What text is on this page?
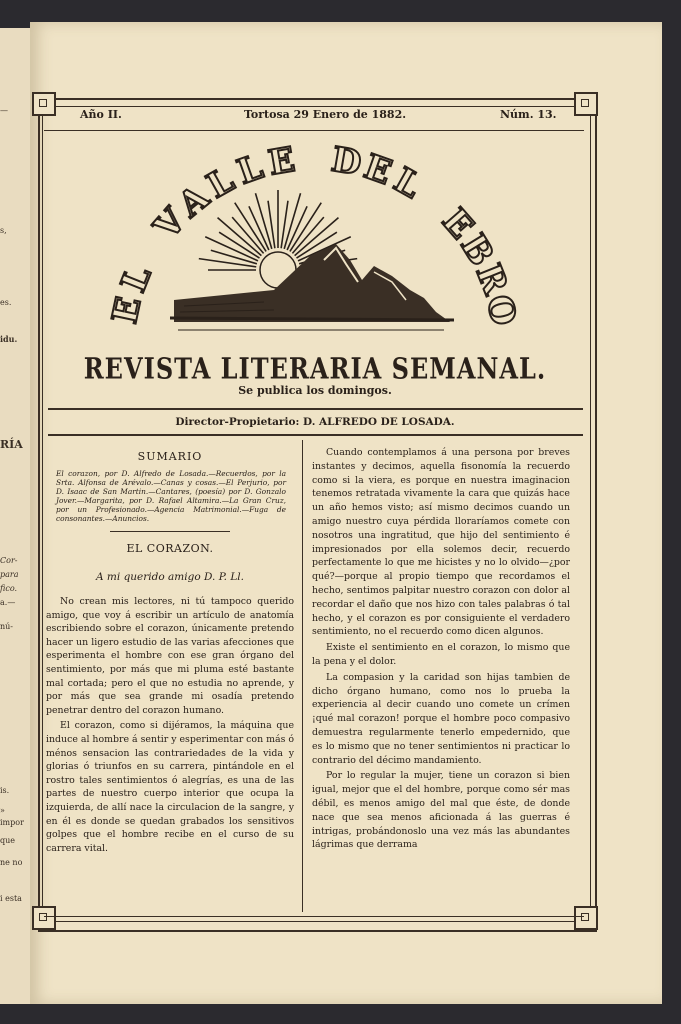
—
s,
es.
idu.
RÍA
Cor-
para
fico.
a.—
nú-
is.
»
impor
que
ne no
i esta
Año II.	Tortosa 29 Enero de 1882.	Núm. 13.
E
L
V
A
L
L
E D
E
L
E
B
R
O
REVISTA LITERARIA SEMANAL.
Se publica los domingos.
Director-Propietario: D. ALFREDO DE LOSADA.
SUMARIO
El corazon, por D. Alfredo de Losada.—Recuerdos, por la Srta. Alfonsa de Arévalo.—Canas y cosas.—El Perjurio, por D. Isaac de San Martin.—Cantares, (poesía) por D. Gonzalo Jover.—Margarita, por D. Rafael Altamira.—La Gran Cruz, por un Profesionado.—Agencia Matrimonial.—Fuga de consonantes.—Anuncios.
EL CORAZON.
A mi querido amigo D. P. Ll.

No crean mis lectores, ni tú tampoco querido amigo, que voy á escribir un artículo de anatomía escribiendo sobre el corazon, únicamente pretendo hacer un ligero estudio de las varias afecciones que esperimenta el hombre con ese gran órgano del sentimiento, por más que mi pluma esté bastante mal cortada; pero el que no estudia no aprende, y por más que sea grande mi osadía pretendo penetrar dentro del corazon humano.

El corazon, como si dijéramos, la máquina que induce al hombre á sentir y esperimentar con más ó ménos sensacion las contrariedades de la vida y glorias ó triunfos en su carrera, pintándole en el rostro tales sentimientos ó alegrías, es una de las partes de nuestro cuerpo interior que ocupa la izquierda, de allí nace la circulacion de la sangre, y en él es donde se quedan grabados los sensitivos golpes que el hombre recibe en el curso de su carrera vital.

Cuando contemplamos á una persona por breves instantes y decimos, aquella fisonomía la recuerdo como si la viera, es porque en nuestra imaginacion tenemos retratada vivamente la cara que quizás hace un año hemos visto; así mismo decimos cuando un amigo nuestro cuya pérdida lloraríamos comete con nosotros una ingratitud, que hijo del sentimiento é impresionados por ella solemos decir, recuerdo perfectamente lo que me hicistes y no lo olvido—¿por qué?—porque al propio tiempo que recordamos el hecho, sentimos palpitar nuestro corazon con dolor al recordar el daño que nos hizo con tales palabras ó tal hecho, y el corazon es por consiguiente el verdadero sentimiento, no el recuerdo como dicen algunos.

Existe el sentimiento en el corazon, lo mismo que la pena y el dolor.

La compasion y la caridad son hijas tambien de dicho órgano humano, como nos lo prueba la experiencia al decir cuando uno comete un crímen ¡qué mal corazon! porque el hombre poco compasivo demuestra regularmente tenerlo empedernido, que es lo mismo que no tener sentimientos ni practicar lo contrario del décimo mandamiento.

Por lo regular la mujer, tiene un corazon si bien igual, mejor que el del hombre, porque como sér mas débil, es menos amigo del mal que éste, de donde nace que sea menos aficionada á las guerras é intrigas, probándonoslo una vez más las abundantes lágrimas que derrama
